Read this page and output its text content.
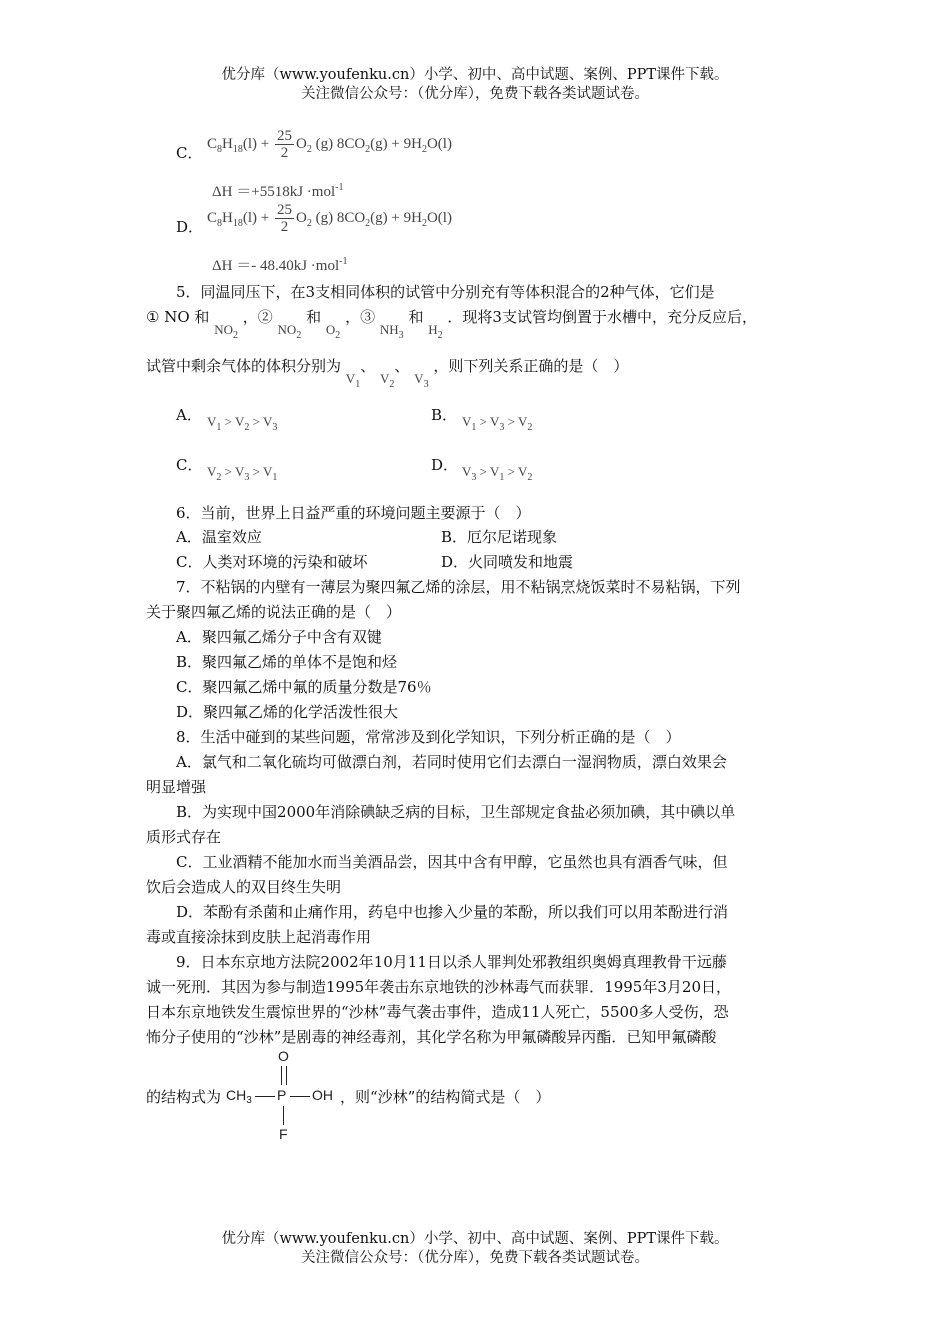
优分库（www.youfenku.cn）小学、初中、高中试题、案例、PPT课件下载。
关注微信公众号：（优分库），免费下载各类试题试卷。
C．
$C_8H_{18}(l) + \frac{25}{2} O_2$ (g) $8CO_2(g) + 9H_2O(l)$
ΔH ＝+5518kJ ·mol$^{-1}$
D．
$C_8H_{18}(l) + \frac{25}{2} O_2$ (g) $8CO_2(g) + 9H_2O(l)$
ΔH ＝- 48.40kJ ·mol$^{-1}$
5．同温同压下，在3支相同体积的试管中分别充有等体积混合的2种气体，它们是
① NO 和 $NO_2$ ，② $NO_2$ 和 $O_2$ ，③ $NH_3$ 和 $H_2$ ．现将3支试管均倒置于水槽中，充分反应后，
试管中剩余气体的体积分别为 $V_1$、 $V_2$、 $V_3$ ，则下列关系正确的是（　）
A． $V_1 > V_2 > V_3$
B． $V_1 > V_3 > V_2$
C． $V_2 > V_3 > V_1$
D． $V_3 > V_1 > V_2$
6．当前，世界上日益严重的环境问题主要源于（　）
A．温室效应	B．厄尔尼诺现象
C．人类对环境的污染和破坏	D．火同喷发和地震
7．不粘锅的内壁有一薄层为聚四氟乙烯的涂层，用不粘锅烹烧饭菜时不易粘锅，下列
关于聚四氟乙烯的说法正确的是（　）
A．聚四氟乙烯分子中含有双键
B．聚四氟乙烯的单体不是饱和烃
C．聚四氟乙烯中氟的质量分数是76％
D．聚四氟乙烯的化学活泼性很大
8．生活中碰到的某些问题，常常涉及到化学知识，下列分析正确的是（　）
A．氯气和二氧化硫均可做漂白剂，若同时使用它们去漂白一湿润物质，漂白效果会
明显增强
B．为实现中国2000年消除碘缺乏病的目标，卫生部规定食盐必须加碘，其中碘以单
质形式存在
C．工业酒精不能加水而当美酒品尝，因其中含有甲醇，它虽然也具有酒香气味，但
饮后会造成人的双目终生失明
D．苯酚有杀菌和止痛作用，药皂中也掺入少量的苯酚，所以我们可以用苯酚进行消
毒或直接涂抹到皮肤上起消毒作用
9．日本东京地方法院2002年10月11日以杀人罪判处邪教组织奥姆真理教骨干远藤
诚一死刑．其因为参与制造1995年袭击东京地铁的沙林毒气而获罪．1995年3月20日，
日本东京地铁发生震惊世界的“沙林”毒气袭击事件，造成11人死亡，5500多人受伤，恐
怖分子使用的“沙林”是剧毒的神经毒剂，其化学名称为甲氟磷酸异丙酯．已知甲氟磷酸
的结构式为	，则“沙林”的结构简式是（　）
O
$CH_3$ P OH
F
优分库（www.youfenku.cn）小学、初中、高中试题、案例、PPT课件下载。
关注微信公众号：（优分库），免费下载各类试题试卷。
